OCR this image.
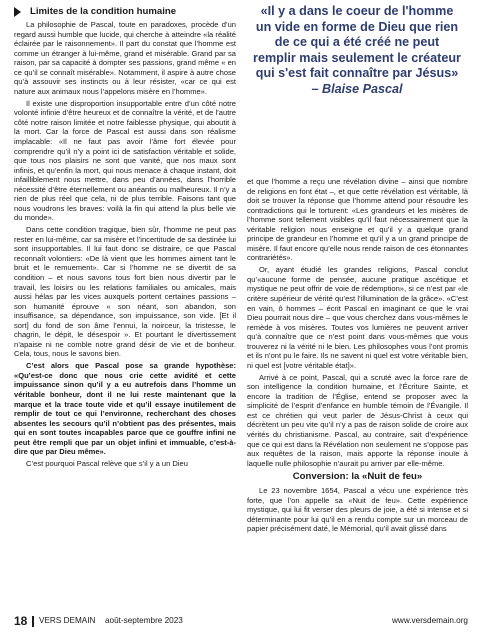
Limites de la condition humaine

La philosophie de Pascal, toute en paradoxes, procède d’un regard aussi humble que lucide, qui cherche à atteindre «la réalité éclairée par le raisonnement». Il part du constat que l’homme est comme un étranger à lui-même, grand et misérable. Grand par sa raison, par sa capacité à dompter ses passions, grand même « en ce qu’il se connaît misérable». Notamment, il aspire à autre chose qu’à assouvir ses instincts ou à leur résister, «car ce qui est nature aux animaux nous l’appelons misère en l’homme».

Il existe une disproportion insupportable entre d’un côté notre volonté infinie d’être heureux et de connaître la vérité, et de l’autre côté notre raison limitée et notre faiblesse physique, qui aboutit à la mort. Car la force de Pascal est aussi dans son réalisme implacable: «Il ne faut pas avoir l’âme fort élevée pour comprendre qu’il n’y a point ici de satisfaction véritable et solide, que tous nos plaisirs ne sont que vanité, que nos maux sont infinis, et qu’enfin la mort, qui nous menace à chaque instant, doit infailliblement nous mettre, dans peu d’années, dans l’horrible nécessité d’être éternellement ou anéantis ou malheureux. Il n’y a rien de plus réel que cela, ni de plus terrible. Faisons tant que nous voudrons les braves: voilà la fin qui attend la plus belle vie du monde».

Dans cette condition tragique, bien sûr, l’homme ne peut pas rester en lui-même, car sa misère et l’incertitude de sa destinée lui sont insupportables. Il lui faut donc se distraire, ce que Pascal reconnaît volontiers: «De là vient que les hommes aiment tant le bruit et le remuement». Car si l’homme ne se divertit de sa condition – et nous savons tous fort bien nous divertir par le travail, les loisirs ou les relations familiales ou amicales, mais aussi hélas par les vices auxquels portent certaines passions – son humanité éprouve « son néant, son abandon, son insuffisance, sa dépendance, son impuissance, son vide. [Et il sort] du fond de son âme l’ennui, la noirceur, la tristesse, le chagrin, le dépit, le désespoir ». Et pourtant le divertissement n’apaise ni ne comble notre grand désir de vie et de bonheur. Cela, tous, nous le savons bien.

C’est alors que Pascal pose sa grande hypothèse: «Qu’est-ce donc que nous crie cette avidité et cette impuissance sinon qu’il y a eu autrefois dans l’homme un véritable bonheur, dont il ne lui reste maintenant que la marque et la trace toute vide et qu’il essaye inutilement de remplir de tout ce qui l’environne, recherchant des choses absentes les secours qu’il n’obtient pas des présentes, mais qui en sont toutes incapables parce que ce gouffre infini ne peut être rempli que par un objet infini et immuable, c’est-à-dire que par Dieu même».

C’est pourquoi Pascal relève que s’il y a un Dieu

«Il y a dans le coeur de l'homme un vide en forme de Dieu que rien de ce qui a été créé ne peut remplir mais seulement le créateur qui s'est fait connaître par Jésus» – Blaise Pascal

et que l’homme a reçu une révélation divine – ainsi que nombre de religions en font état –, et que cette révélation est véritable, là doit se trouver la réponse que l’homme attend pour résoudre les contradictions qui le torturent: «Les grandeurs et les misères de l’homme sont tellement visibles qu’il faut nécessairement que la véritable religion nous enseigne et qu’il y a quelque grand principe de grandeur en l’homme et qu’il y a un grand principe de misère. Il faut encore qu’elle nous rende raison de ces étonnantes contrariétés».

Or, ayant étudié les grandes religions, Pascal conclut qu’«aucune forme de pensée, aucune pratique ascétique et mystique ne peut offrir de voie de rédemption», si ce n’est par «le critère supérieur de vérité qu’est l’illumination de la grâce». «C’est en vain, ô hommes – écrit Pascal en imaginant ce que le vrai Dieu pourrait nous dire – que vous cherchez dans vous-mêmes le remède à vos misères. Toutes vos lumières ne peuvent arriver qu’à connaître que ce n’est point dans vous-mêmes que vous trouverez ni la vérité ni le bien. Les philosophes vous l’ont promis et ils n’ont pu le faire. Ils ne savent ni quel est votre véritable bien, ni quel est [votre véritable état]».

Arrivé à ce point, Pascal, qui a scruté avec la force rare de son intelligence la condition humaine, et l’Écriture Sainte, et encore la tradition de l’Église, entend se proposer avec la simplicité de l’esprit d’enfance en humble témoin de l’Évangile. Il est ce chrétien qui veut parler de Jésus-Christ à ceux qui décrètent un peu vite qu’il n’y a pas de raison solide de croire aux vérités du christianisme. Pascal, au contraire, sait d’expérience que ce qui est dans la Révélation non seulement ne s’oppose pas aux requêtes de la raison, mais apporte la réponse inouïe à laquelle nulle philosophie n’aurait pu arriver par elle-même.

Conversion: la «Nuit de feu»

Le 23 novembre 1654, Pascal a vécu une expérience très forte, que l’on appelle sa «Nuit de feu». Cette expérience mystique, qui lui fit verser des pleurs de joie, a été si intense et si déterminante pour lui qu’il en a rendu compte sur un morceau de papier précisément daté, le Mémorial, qu’il avait glissé dans

18 VERS DEMAIN août-septembre 2023	www.versdemain.org
